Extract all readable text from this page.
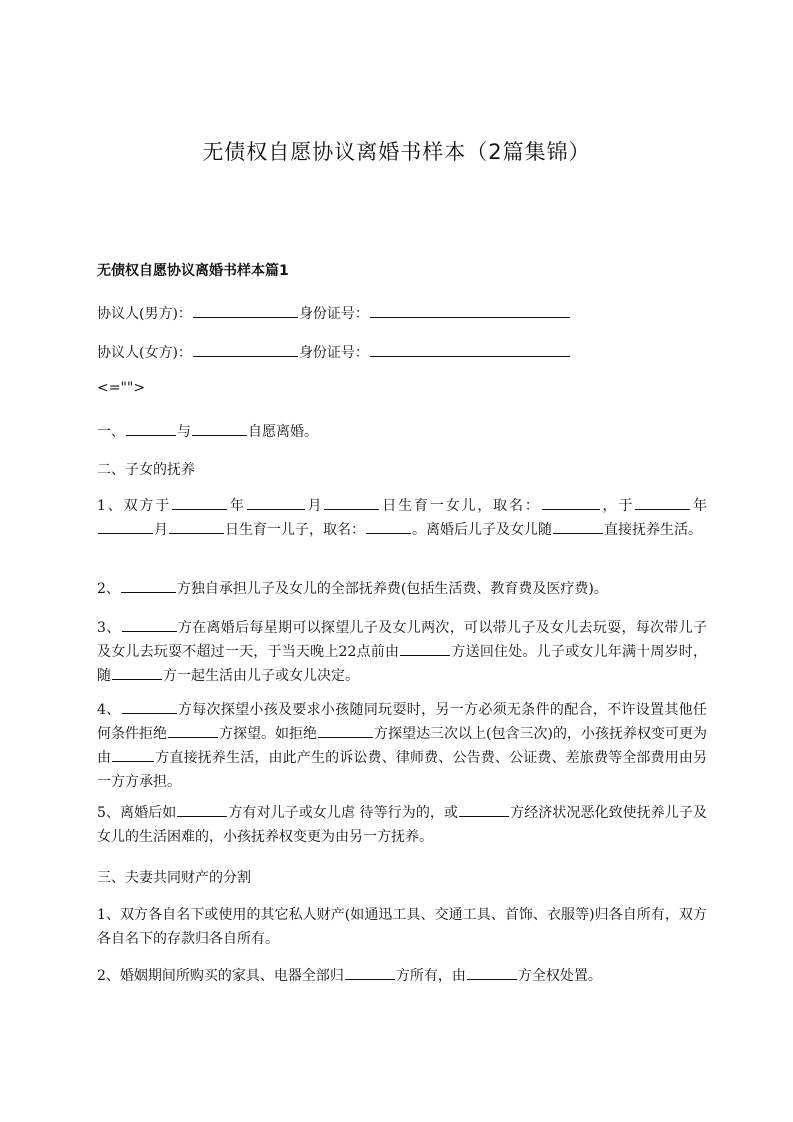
无债权自愿协议离婚书样本（2篇集锦）
无债权自愿协议离婚书样本篇1
协议人(男方)：	身份证号：
协议人(女方)：	身份证号：
<="">
一、	与	自愿离婚。
二、子女的抚养
1、双方于	年	月	日生育一女儿，取名：	，于	年月	日生育一儿子，取名：	。离婚后儿子及女儿随	直接抚养生活。
2、	方独自承担儿子及女儿的全部抚养费(包括生活费、教育费及医疗费)。
3、	方在离婚后每星期可以探望儿子及女儿两次，可以带儿子及女儿去玩耍，每次带儿子及女儿去玩耍不超过一天，于当天晚上22点前由	方送回住处。儿子或女儿年满十周岁时，随	方一起生活由儿子或女儿决定。
4、	方每次探望小孩及要求小孩随同玩耍时，另一方必须无条件的配合，不许设置其他任何条件拒绝	方探望。如拒绝	方探望达三次以上(包含三次)的，小孩抚养权变可更为由	方直接抚养生活，由此产生的诉讼费、律师费、公告费、公证费、差旅费等全部费用由另一方方承担。
5、离婚后如	方有对儿子或女儿虐 待等行为的，或	方经济状况恶化致使抚养儿子及女儿的生活困难的，小孩抚养权变更为由另一方抚养。
三、夫妻共同财产的分割
1、双方各自名下或使用的其它私人财产(如通迅工具、交通工具、首饰、衣服等)归各自所有，双方各自名下的存款归各自所有。
2、婚姻期间所购买的家具、电器全部归	方所有，由	方全权处置。
